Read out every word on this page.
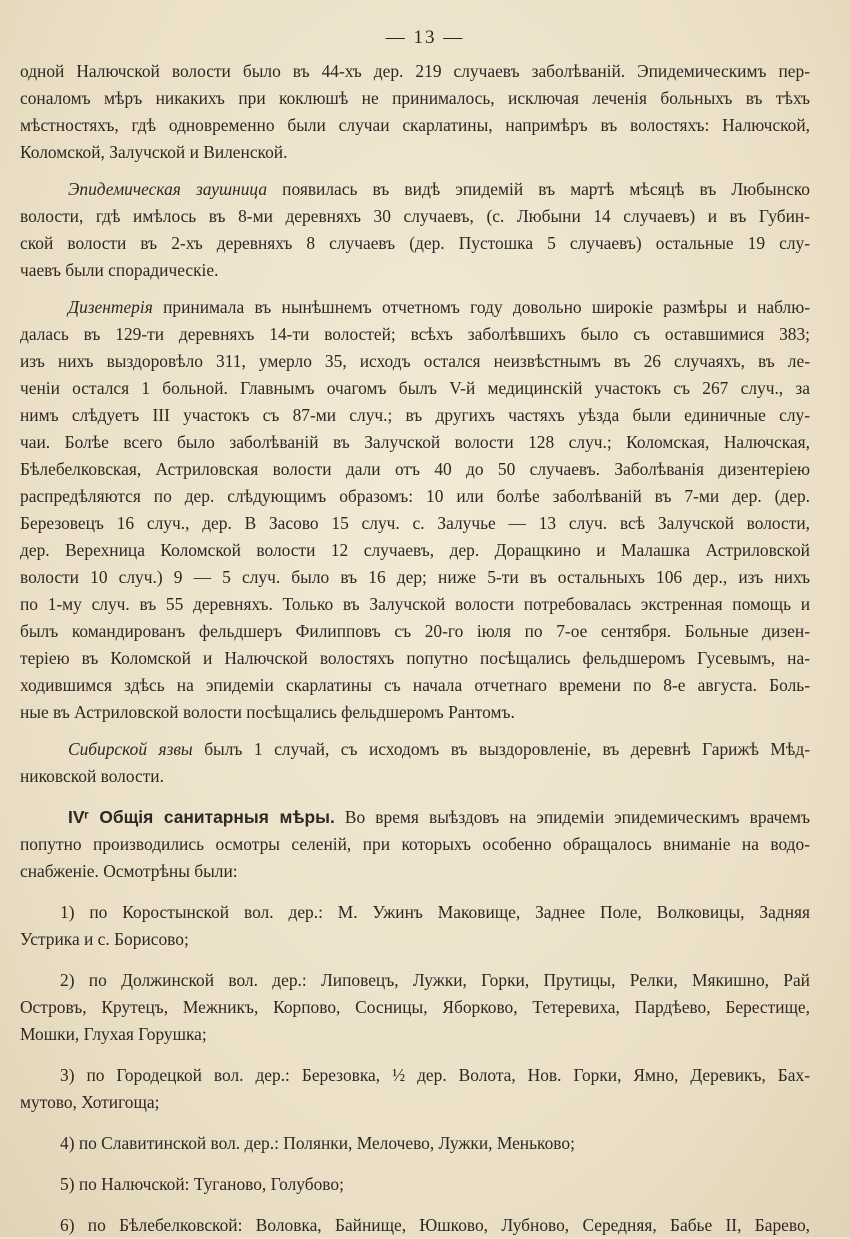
— 13 —
одной Налючской волости было въ 44-хъ дер. 219 случаевъ заболѣваній. Эпидемическимъ пер-
соналомъ мѣръ никакихъ при коклюшѣ не принималось, исключая леченія больныхъ въ тѣхъ
мѣстностяхъ, гдѣ одновременно были случаи скарлатины, напримѣръ въ волостяхъ: Налючской,
Коломской, Залучской и Виленской.
Эпидемическая заушница появилась въ видѣ эпидемій въ мартѣ мѣсяцѣ въ Любынско
волости, гдѣ имѣлось въ 8-ми деревняхъ 30 случаевъ, (с. Любыни 14 случаевъ) и въ Губин-
ской волости въ 2-хъ деревняхъ 8 случаевъ (дер. Пустошка 5 случаевъ) остальные 19 слу-
чаевъ были спорадическіе.
Дизентерія принимала въ нынѣшнемъ отчетномъ году довольно широкіе размѣры и наблю-
далась въ 129-ти деревняхъ 14-ти волостей; всѣхъ заболѣвшихъ было съ оставшимися 383;
изъ нихъ выздоровѣло 311, умерло 35, исходъ остался неизвѣстнымъ въ 26 случаяхъ, въ ле-
ченіи остался 1 больной. Главнымъ очагомъ былъ V-й медицинскій участокъ съ 267 случ., за
нимъ слѣдуетъ III участокъ съ 87-ми случ.; въ другихъ частяхъ уѣзда были единичные слу-
чаи. Болѣе всего было заболѣваній въ Залучской волости 128 случ.; Коломская, Налючская,
Бѣлебелковская, Астриловская волости дали отъ 40 до 50 случаевъ. Заболѣванія дизентеріею
распредѣляются по дер. слѣдующимъ образомъ: 10 или болѣе заболѣваній въ 7-ми дер. (дер.
Березовецъ 16 случ., дер. В Засово 15 случ. с. Залучье — 13 случ. всѣ Залучской волости,
дер. Верехница Коломской волости 12 случаевъ, дер. Доращкино и Малашка Астриловской
волости 10 случ.) 9 — 5 случ. было въ 16 дер; ниже 5-ти въ остальныхъ 106 дер., изъ нихъ
по 1-му случ. въ 55 деревняхъ. Только въ Залучской волости потребовалась экстренная помощь и
былъ командированъ фельдшеръ Филипповъ съ 20-го іюля по 7-ое сентября. Больные дизен-
теріею въ Коломской и Налючской волостяхъ попутно посѣщались фельдшеромъ Гусевымъ, на-
ходившимся здѣсь на эпидеміи скарлатины съ начала отчетнаго времени по 8-е августа. Боль-
ные въ Астриловской волости посѣщались фельдшеромъ Рантомъ.
Сибирской язвы былъ 1 случай, съ исходомъ въ выздоровленіе, въ деревнѣ Гарижѣ Мѣд-
никовской волости.
IVʳ Общія санитарныя мѣры. Во время выѣздовъ на эпидеміи эпидемическимъ врачемъ
попутно производились осмотры селеній, при которыхъ особенно обращалось вниманіе на водо-
снабженіе. Осмотрѣны были:
1) по Коростынской вол. дер.: М. Ужинъ Маковище, Заднее Поле, Волковицы, Задняя
Устрика и с. Борисово;
2) по Должинской вол. дер.: Липовецъ, Лужки, Горки, Прутицы, Релки, Мякишно, Рай
Островъ, Крутецъ, Межникъ, Корпово, Сосницы, Яборково, Тетеревиха, Пардѣево, Берестище,
Мошки, Глухая Горушка;
3) по Городецкой вол. дер.: Березовка, ½ дер. Волота, Нов. Горки, Ямно, Деревикъ, Бах-
мутово, Хотигоща;
4) по Славитинской вол. дер.: Полянки, Мелочево, Лужки, Меньково;
5) по Налючской: Туганово, Голубово;
6) по Бѣлебелковской: Воловка, Байнище, Юшково, Лубново, Середняя, Бабье II, Барево,
